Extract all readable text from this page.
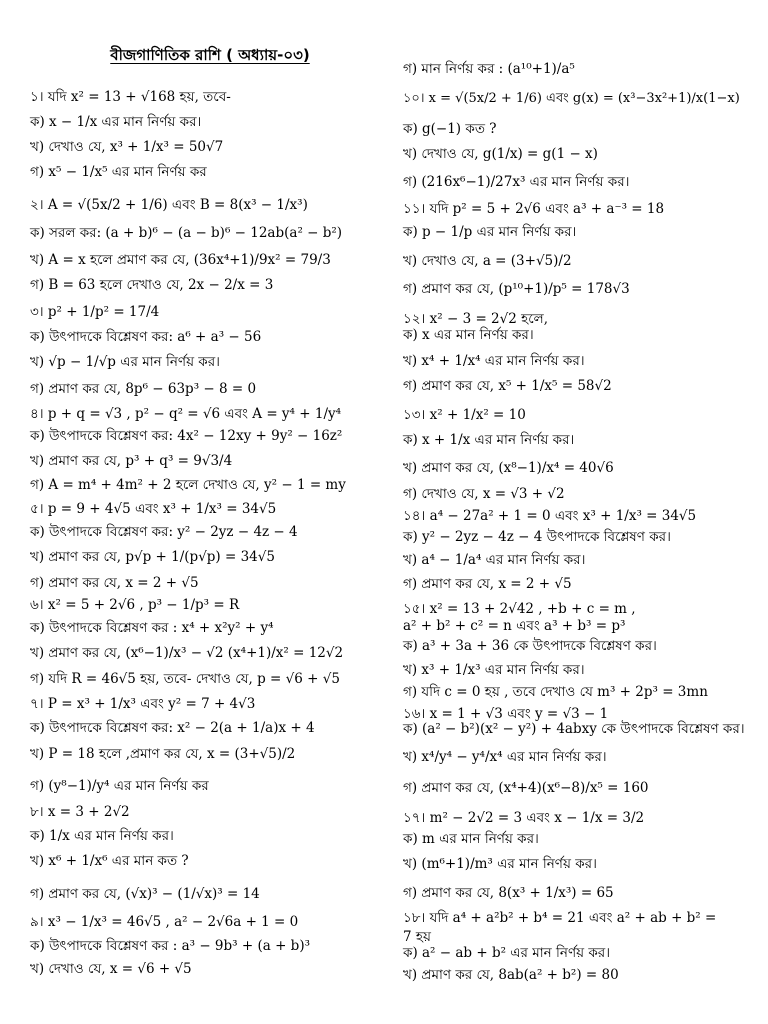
বীজগাণিতিক রাশি ( অধ্যায়-০৩)
১। যদি x² = 13 + √168 হয়, তবে-
ক) x − 1/x এর মান নির্ণয় কর।
খ) দেখাও যে, x³ + 1/x³ = 50√7
গ) x⁵ − 1/x⁵ এর মান নির্ণয় কর
২। A = √(5x/2 + 1/6) এবং B = 8(x³ − 1/x³)
ক) সরল কর: (a + b)⁶ − (a − b)⁶ − 12ab(a² − b²)
খ) A = x হলে প্রমাণ কর যে, (36x⁴+1)/9x² = 79/3
গ) B = 63 হলে দেখাও যে, 2x − 2/x = 3
৩। p² + 1/p² = 17/4
ক) উৎপাদকে বিশ্লেষণ কর: a⁶ + a³ − 56
খ) √p − 1/√p এর মান নির্ণয় কর।
গ) প্রমাণ কর যে, 8p⁶ − 63p³ − 8 = 0
৪। p + q = √3 , p² − q² = √6 এবং A = y⁴ + 1/y⁴
ক) উৎপাদকে বিশ্লেষণ কর: 4x² − 12xy + 9y² − 16z²
খ) প্রমাণ কর যে, p³ + q³ = 9√3/4
গ) A = m⁴ + 4m² + 2 হলে দেখাও যে, y² − 1 = my
৫। p = 9 + 4√5 এবং x³ + 1/x³ = 34√5
ক) উৎপাদকে বিশ্লেষণ কর: y² − 2yz − 4z − 4
খ) প্রমাণ কর যে, p√p + 1/(p√p) = 34√5
গ) প্রমাণ কর যে, x = 2 + √5
৬। x² = 5 + 2√6 , p³ − 1/p³ = R
ক) উৎপাদকে বিশ্লেষণ কর : x⁴ + x²y² + y⁴
খ) প্রমাণ কর যে, (x⁶−1)/x³ − √2 (x⁴+1)/x² = 12√2
গ) যদি R = 46√5 হয়, তবে- দেখাও যে, p = √6 + √5
৭। P = x³ + 1/x³ এবং y² = 7 + 4√3
ক) উৎপাদকে বিশ্লেষণ কর: x² − 2(a + 1/a)x + 4
খ) P = 18 হলে ,প্রমাণ কর যে, x = (3+√5)/2
গ) (y⁸−1)/y⁴ এর মান নির্ণয় কর
৮। x = 3 + 2√2
ক) 1/x এর মান নির্ণয় কর।
খ) x⁶ + 1/x⁶ এর মান কত ?
গ) প্রমাণ কর যে, (√x)³ − (1/√x)³ = 14
৯। x³ − 1/x³ = 46√5 , a² − 2√6a + 1 = 0
ক) উৎপাদকে বিশ্লেষণ কর : a³ − 9b³ + (a + b)³
খ) দেখাও যে, x = √6 + √5
গ) মান নির্ণয় কর : (a¹⁰+1)/a⁵
১০। x = √(5x/2 + 1/6) এবং g(x) = (x³−3x²+1)/x(1−x)
ক) g(−1) কত ?
খ) দেখাও যে, g(1/x) = g(1 − x)
গ) (216x⁶−1)/27x³ এর মান নির্ণয় কর।
১১। যদি p² = 5 + 2√6 এবং a³ + a⁻³ = 18
ক) p − 1/p এর মান নির্ণয় কর।
খ) দেখাও যে, a = (3+√5)/2
গ) প্রমাণ কর যে, (p¹⁰+1)/p⁵ = 178√3
১২। x² − 3 = 2√2 হলে,
ক) x এর মান নির্ণয় কর।
খ) x⁴ + 1/x⁴ এর মান নির্ণয় কর।
গ) প্রমাণ কর যে, x⁵ + 1/x⁵ = 58√2
১৩। x² + 1/x² = 10
ক) x + 1/x এর মান নির্ণয় কর।
খ) প্রমাণ কর যে, (x⁸−1)/x⁴ = 40√6
গ) দেখাও যে, x = √3 + √2
১৪। a⁴ − 27a² + 1 = 0 এবং x³ + 1/x³ = 34√5
ক) y² − 2yz − 4z − 4 উৎপাদকে বিশ্লেষণ কর।
খ) a⁴ − 1/a⁴ এর মান নির্ণয় কর।
গ) প্রমাণ কর যে, x = 2 + √5
১৫। x² = 13 + 2√42 , +b + c = m ,
a² + b² + c² = n এবং a³ + b³ = p³
ক) a³ + 3a + 36 কে উৎপাদকে বিশ্লেষণ কর।
খ) x³ + 1/x³ এর মান নির্ণয় কর।
গ) যদি c = 0 হয় , তবে দেখাও যে m³ + 2p³ = 3mn
১৬। x = 1 + √3 এবং y = √3 − 1
ক) (a² − b²)(x² − y²) + 4abxy কে উৎপাদকে বিশ্লেষণ কর।
খ) x⁴/y⁴ − y⁴/x⁴ এর মান নির্ণয় কর।
গ) প্রমাণ কর যে, (x⁴+4)(x⁶−8)/x⁵ = 160
১৭। m² − 2√2 = 3 এবং x − 1/x = 3/2
ক) m এর মান নির্ণয় কর।
খ) (m⁶+1)/m³ এর মান নির্ণয় কর।
গ) প্রমাণ কর যে, 8(x³ + 1/x³) = 65
১৮। যদি a⁴ + a²b² + b⁴ = 21 এবং a² + ab + b² =
7 হয়
ক) a² − ab + b² এর মান নির্ণয় কর।
খ) প্রমাণ কর যে, 8ab(a² + b²) = 80
